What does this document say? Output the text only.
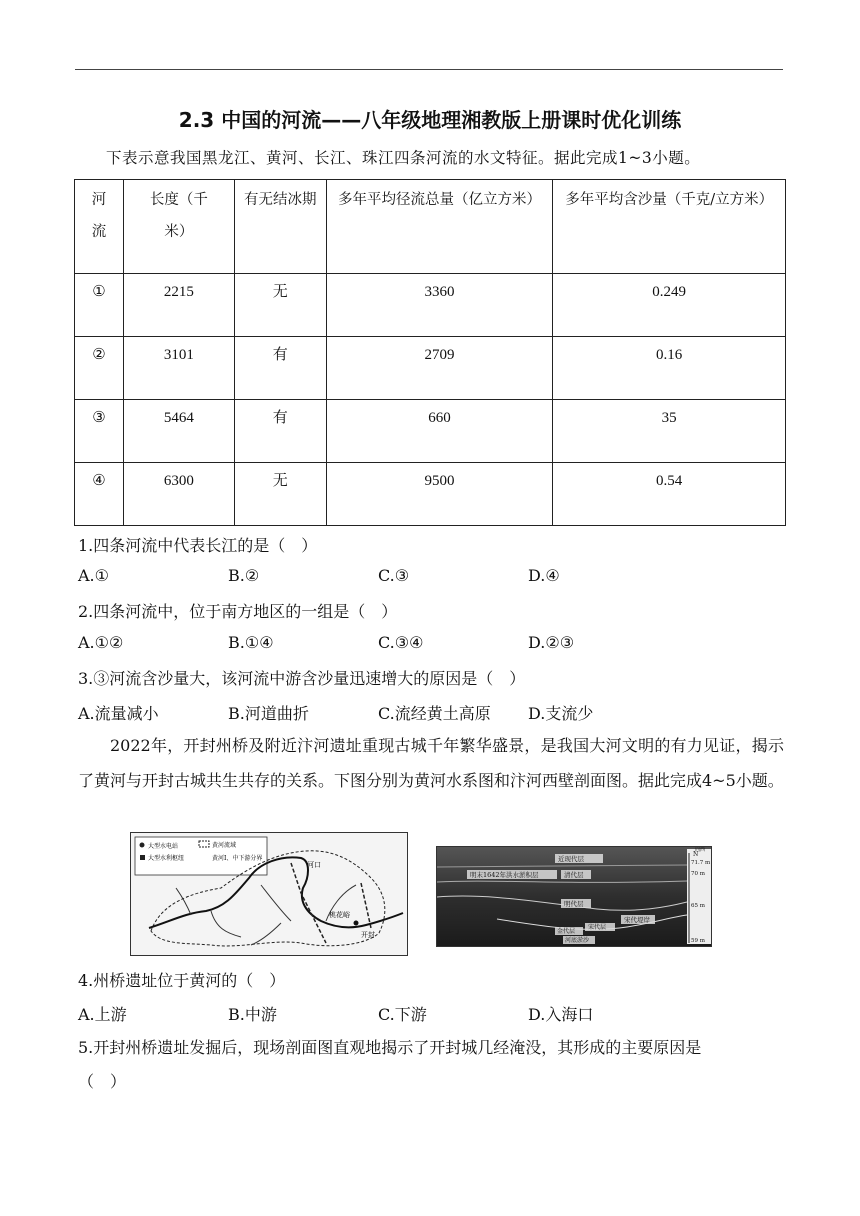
2.3 中国的河流——八年级地理湘教版上册课时优化训练
下表示意我国黑龙江、黄河、长江、珠江四条河流的水文特征。据此完成1~3小题。
河流	长度（千米）	有无结冰期	多年平均径流总量（亿立方米）	多年平均含沙量（千克/立方米）
①	2215	无	3360	0.249
②	3101	有	2709	0.16
③	5464	有	660	35
④	6300	无	9500	0.54
1.四条河流中代表长江的是（　）
A.①	B.②	C.③	D.④
2.四条河流中，位于南方地区的一组是（　）
A.①②	B.①④	C.③④	D.②③
3.③河流含沙量大，该河流中游含沙量迅速增大的原因是（　）
A.流量减小	B.河道曲折	C.流经黄土高原 D.支流少
2022年，开封州桥及附近汴河遗址重现古城千年繁华盛景，是我国大河文明的有力见证，揭示了黄河与开封古城共生共存的关系。下图分别为黄河水系图和汴河西壁剖面图。据此完成4~5小题。
大型水电站	黄河流域
大型水利枢纽	黄河Ⅰ、中下游分界
河口
桃花峪
开封
N
71.7 m
70 m
65 m
59 m
向西
近现代层
明末1642年洪水淤积层	清代层
明代层
宋代堤岸
宋代层
金代层
河底淤沙
4.州桥遗址位于黄河的（　）
A.上游	B.中游	C.下游	D.入海口
5.开封州桥遗址发掘后，现场剖面图直观地揭示了开封城几经淹没，其形成的主要原因是
（　）
